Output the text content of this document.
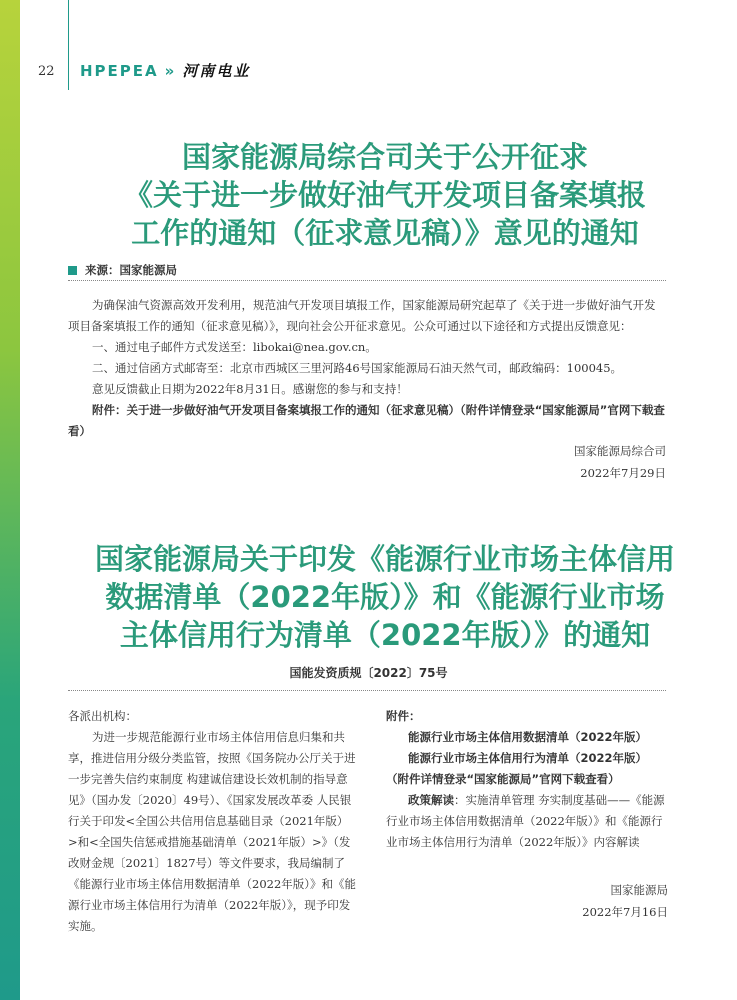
22 HPEPEA » 河南电业
国家能源局综合司关于公开征求
《关于进一步做好油气开发项目备案填报
工作的通知（征求意见稿）》意见的通知
来源：国家能源局

为确保油气资源高效开发利用，规范油气开发项目填报工作，国家能源局研究起草了《关于进一步做好油气开发项目备案填报工作的通知（征求意见稿）》，现向社会公开征求意见。公众可通过以下途径和方式提出反馈意见：

一、通过电子邮件方式发送至：libokai@nea.gov.cn。

二、通过信函方式邮寄至：北京市西城区三里河路46号国家能源局石油天然气司，邮政编码：100045。

意见反馈截止日期为2022年8月31日。感谢您的参与和支持！

附件：关于进一步做好油气开发项目备案填报工作的通知（征求意见稿）（附件详情登录“国家能源局”官网下载查看）

国家能源局综合司
2022年7月29日
国家能源局关于印发《能源行业市场主体信用
数据清单（2022年版）》和《能源行业市场
主体信用行为清单（2022年版）》的通知
国能发资质规〔2022〕75号

各派出机构：

为进一步规范能源行业市场主体信用信息归集和共享，推进信用分级分类监管，按照《国务院办公厅关于进一步完善失信约束制度 构建诚信建设长效机制的指导意见》（国办发〔2020〕49号）、《国家发展改革委 人民银行关于印发<全国公共信用信息基础目录（2021年版）>和<全国失信惩戒措施基础清单（2021年版）>》（发改财金规〔2021〕1827号）等文件要求，我局编制了《能源行业市场主体信用数据清单（2022年版）》和《能源行业市场主体信用行为清单（2022年版）》，现予印发实施。

附件：

能源行业市场主体信用数据清单（2022年版）

能源行业市场主体信用行为清单（2022年版）

（附件详情登录“国家能源局”官网下载查看）

政策解读：实施清单管理 夯实制度基础——《能源行业市场主体信用数据清单（2022年版）》和《能源行业市场主体信用行为清单（2022年版）》内容解读

国家能源局
2022年7月16日
